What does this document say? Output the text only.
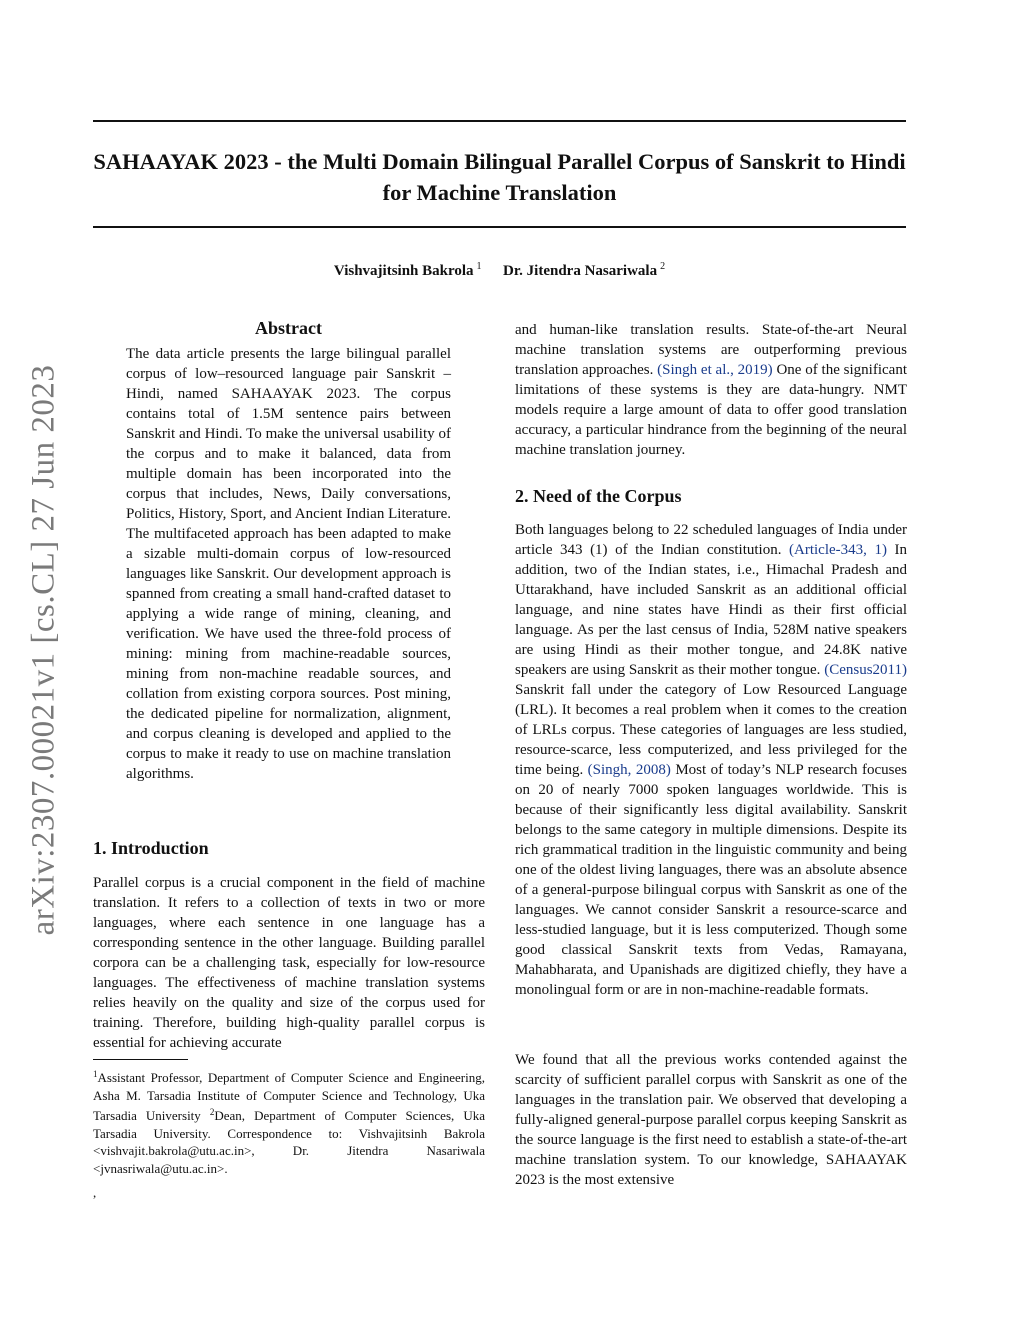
arXiv:2307.00021v1 [cs.CL] 27 Jun 2023
SAHAAYAK 2023 - the Multi Domain Bilingual Parallel Corpus of Sanskrit to Hindi for Machine Translation
Vishvajitsinh Bakrola $^1$ Dr. Jitendra Nasariwala $^2$
Abstract
The data article presents the large bilingual parallel corpus of low–resourced language pair Sanskrit – Hindi, named SAHAAYAK 2023. The corpus contains total of 1.5M sentence pairs between Sanskrit and Hindi. To make the universal usability of the corpus and to make it balanced, data from multiple domain has been incorporated into the corpus that includes, News, Daily conversations, Politics, History, Sport, and Ancient Indian Literature. The multifaceted approach has been adapted to make a sizable multi-domain corpus of low-resourced languages like Sanskrit. Our development approach is spanned from creating a small hand-crafted dataset to applying a wide range of mining, cleaning, and verification. We have used the three-fold process of mining: mining from machine-readable sources, mining from non-machine readable sources, and collation from existing corpora sources. Post mining, the dedicated pipeline for normalization, alignment, and corpus cleaning is developed and applied to the corpus to make it ready to use on machine translation algorithms.
1. Introduction
Parallel corpus is a crucial component in the field of machine translation. It refers to a collection of texts in two or more languages, where each sentence in one language has a corresponding sentence in the other language. Building parallel corpora can be a challenging task, especially for low-resource languages. The effectiveness of machine translation systems relies heavily on the quality and size of the corpus used for training. Therefore, building high-quality parallel corpus is essential for achieving accurate
$^1$Assistant Professor, Department of Computer Science and Engineering, Asha M. Tarsadia Institute of Computer Science and Technology, Uka Tarsadia University $^2$Dean, Department of Computer Sciences, Uka Tarsadia University. Correspondence to: Vishvajitsinh Bakrola <vishvajit.bakrola@utu.ac.in>, Dr. Jitendra Nasariwala <jvnasriwala@utu.ac.in>.
,
and human-like translation results. State-of-the-art Neural machine translation systems are outperforming previous translation approaches. (Singh et al., 2019) One of the significant limitations of these systems is they are data-hungry. NMT models require a large amount of data to offer good translation accuracy, a particular hindrance from the beginning of the neural machine translation journey.
2. Need of the Corpus
Both languages belong to 22 scheduled languages of India under article 343 (1) of the Indian constitution. (Article-343, 1) In addition, two of the Indian states, i.e., Himachal Pradesh and Uttarakhand, have included Sanskrit as an additional official language, and nine states have Hindi as their first official language. As per the last census of India, 528M native speakers are using Hindi as their mother tongue, and 24.8K native speakers are using Sanskrit as their mother tongue. (Census2011) Sanskrit fall under the category of Low Resourced Language (LRL). It becomes a real problem when it comes to the creation of LRLs corpus. These categories of languages are less studied, resource-scarce, less computerized, and less privileged for the time being. (Singh, 2008) Most of today’s NLP research focuses on 20 of nearly 7000 spoken languages worldwide. This is because of their significantly less digital availability. Sanskrit belongs to the same category in multiple dimensions. Despite its rich grammatical tradition in the linguistic community and being one of the oldest living languages, there was an absolute absence of a general-purpose bilingual corpus with Sanskrit as one of the languages. We cannot consider Sanskrit a resource-scarce and less-studied language, but it is less computerized. Though some good classical Sanskrit texts from Vedas, Ramayana, Mahabharata, and Upanishads are digitized chiefly, they have a monolingual form or are in non-machine-readable formats.
We found that all the previous works contended against the scarcity of sufficient parallel corpus with Sanskrit as one of the languages in the translation pair. We observed that developing a fully-aligned general-purpose parallel corpus keeping Sanskrit as the source language is the first need to establish a state-of-the-art machine translation system. To our knowledge, SAHAAYAK 2023 is the most extensive
